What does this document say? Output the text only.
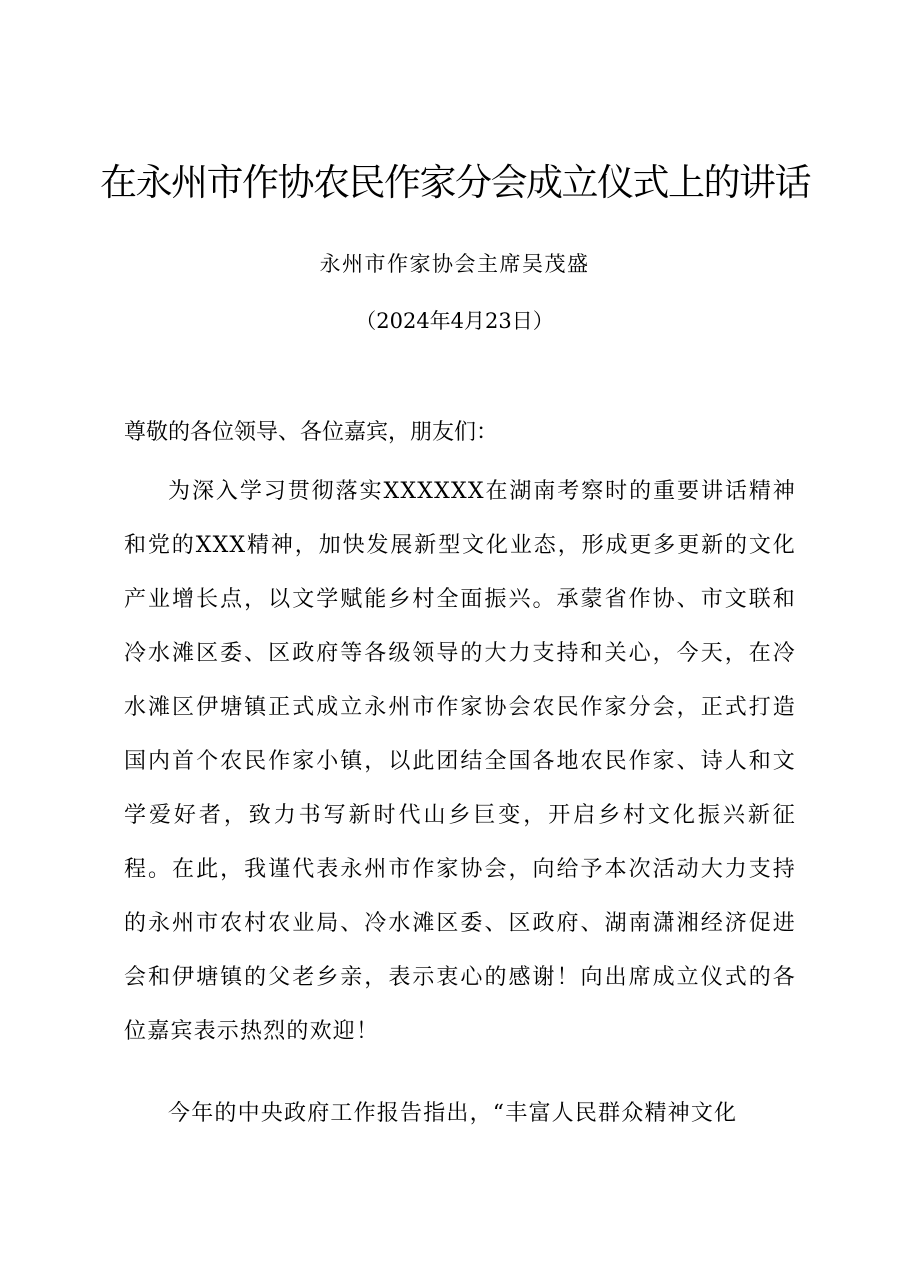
在永州市作协农民作家分会成立仪式上的讲话
永州市作家协会主席吴茂盛
（2024年4月23日）
尊敬的各位领导、各位嘉宾，朋友们：
为深入学习贯彻落实XXXXXX在湖南考察时的重要讲话精神和党的XXX精神，加快发展新型文化业态，形成更多更新的文化产业增长点，以文学赋能乡村全面振兴。承蒙省作协、市文联和冷水滩区委、区政府等各级领导的大力支持和关心，今天，在冷水滩区伊塘镇正式成立永州市作家协会农民作家分会，正式打造国内首个农民作家小镇，以此团结全国各地农民作家、诗人和文学爱好者，致力书写新时代山乡巨变，开启乡村文化振兴新征程。在此，我谨代表永州市作家协会，向给予本次活动大力支持的永州市农村农业局、冷水滩区委、区政府、湖南潇湘经济促进会和伊塘镇的父老乡亲，表示衷心的感谢！向出席成立仪式的各位嘉宾表示热烈的欢迎！
今年的中央政府工作报告指出，“丰富人民群众精神文化
